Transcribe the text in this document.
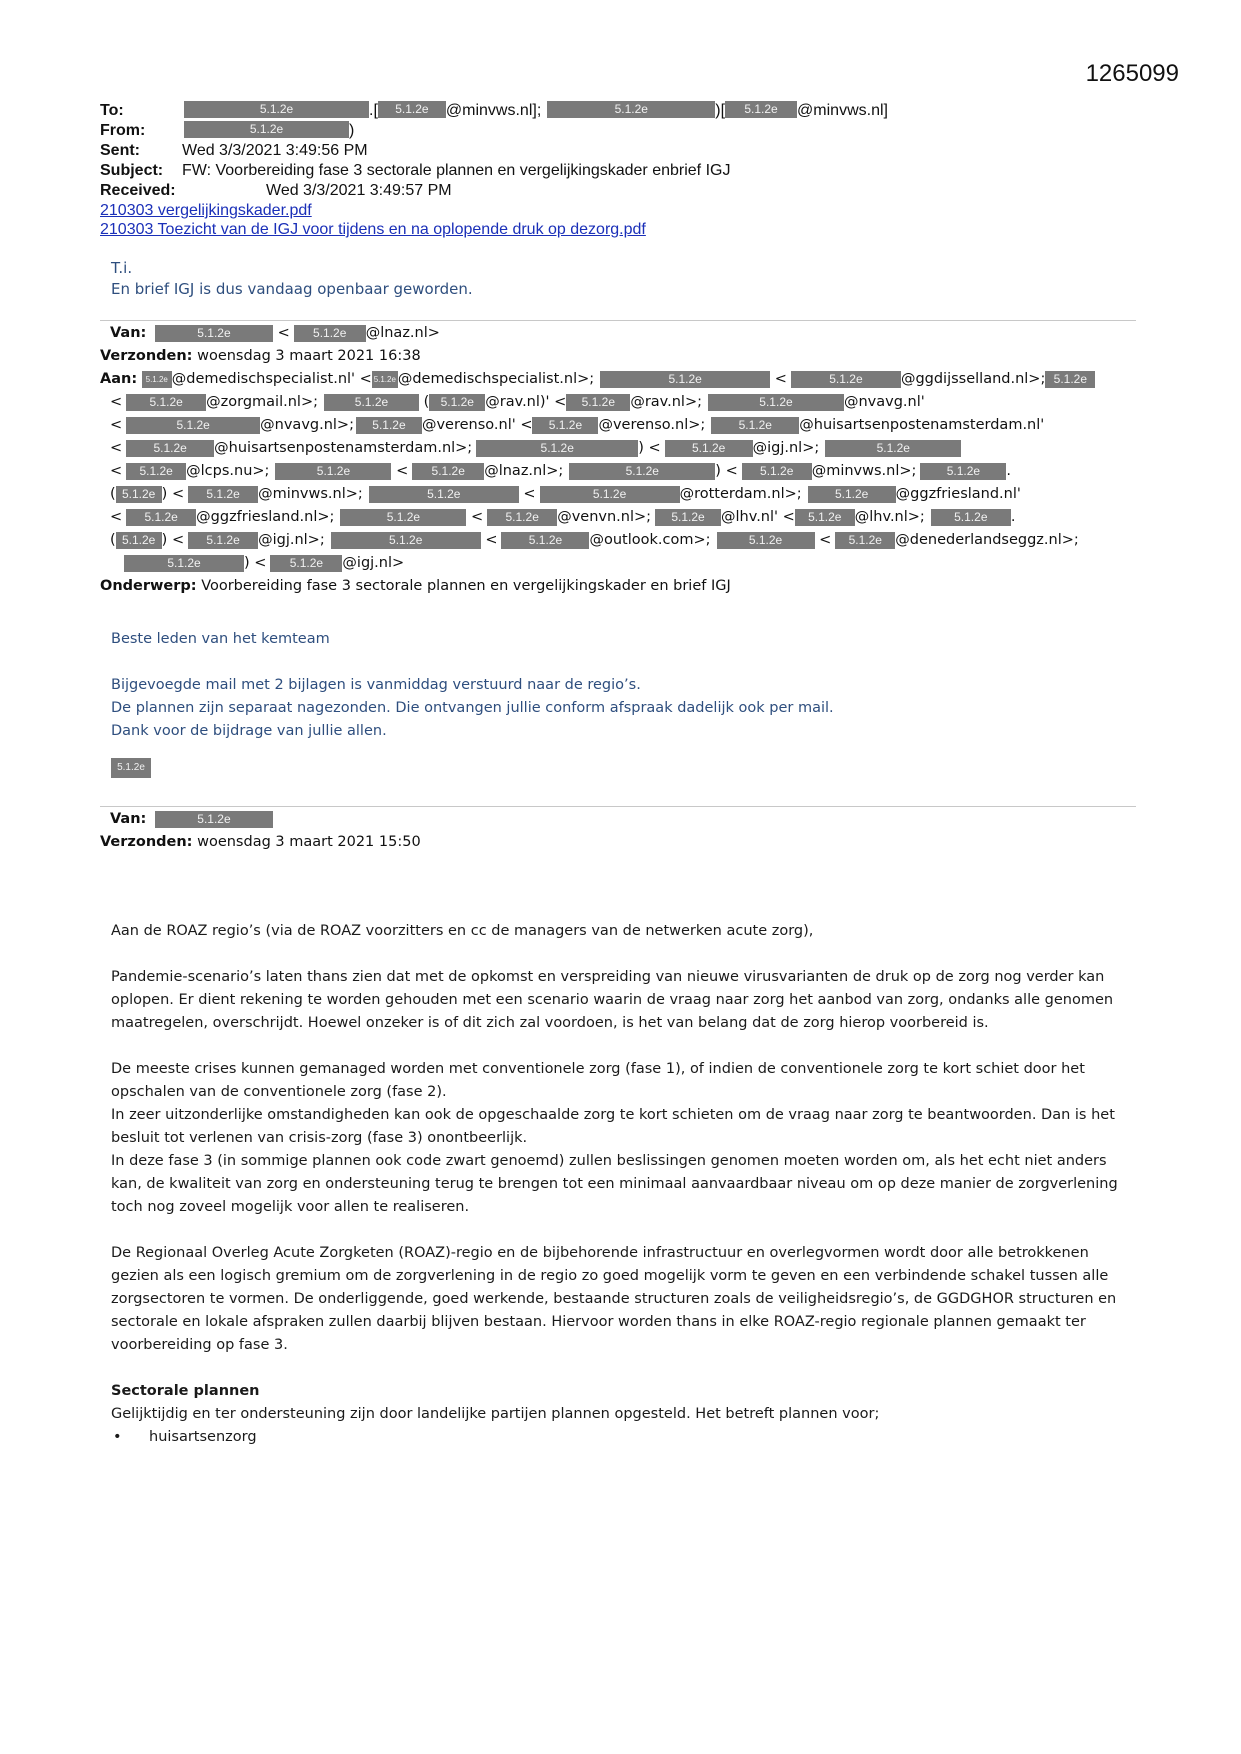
1265099
To:	5.1.2e	.[	5.1.2e	@minvws.nl];	5.1.2e	)[	5.1.2e	@minvws.nl]
From:	5.1.2e	)
Sent:	Wed 3/3/2021 3:49:56 PM
Subject:	FW: Voorbereiding fase 3 sectorale plannen en vergelijkingskader enbrief IGJ
Received:	Wed 3/3/2021 3:49:57 PM
210303 vergelijkingskader.pdf
210303 Toezicht van de IGJ voor tijdens en na oplopende druk op dezorg.pdf
T.i.
En brief IGJ is dus vandaag openbaar geworden.
Van:	5.1.2e	< 5.1.2e @lnaz.nl>
Verzonden: woensdag 3 maart 2021 16:38
Aan: 5.1.2e @demedischspecialist.nl' < 5.1.2e @demedischspecialist.nl>;	5.1.2e	<	5.1.2e	@ggdijsselland.nl>; 5.1.2e
< 5.1.2e @zorgmail.nl>;	5.1.2e ( 5.1.2e @rav.nl)' < 5.1.2e @rav.nl>;	5.1.2e	@nvavg.nl'
<	5.1.2e	@nvavg.nl>; 5.1.2e @verenso.nl' < 5.1.2e @verenso.nl>;	5.1.2e @huisartsenpostenamsterdam.nl'
<	5.1.2e @huisartsenpostenamsterdam.nl>;	5.1.2e	) <	5.1.2e @igj.nl>;	5.1.2e
< 5.1.2e @lcps.nu>;	5.1.2e	< 5.1.2e @lnaz.nl>;	5.1.2e	) < 5.1.2e @minvws.nl>;	5.1.2e .
( 5.1.2e ) < 5.1.2e @minvws.nl>;	5.1.2e	<	5.1.2e	@rotterdam.nl>;	5.1.2e @ggzfriesland.nl'
< 5.1.2e @ggzfriesland.nl>;	5.1.2e	< 5.1.2e @venvn.nl>; 5.1.2e @lhv.nl' < 5.1.2e @lhv.nl>; 5.1.2e .
( 5.1.2e ) < 5.1.2e @igj.nl>;	5.1.2e	<	5.1.2e @outlook.com>;	5.1.2e	< 5.1.2e @denederlandseggz.nl>;
5.1.2e	) < 5.1.2e @igj.nl>
Onderwerp: Voorbereiding fase 3 sectorale plannen en vergelijkingskader en brief IGJ

Beste leden van het kemteam

Bijgevoegde mail met 2 bijlagen is vanmiddag verstuurd naar de regio’s.
De plannen zijn separaat nagezonden. Die ontvangen jullie conform afspraak dadelijk ook per mail.
Dank voor de bijdrage van jullie allen.
5.1.2e
Van:	5.1.2e
Verzonden: woensdag 3 maart 2021 15:50

Aan de ROAZ regio’s (via de ROAZ voorzitters en cc de managers van de netwerken acute zorg),

Pandemie-scenario’s laten thans zien dat met de opkomst en verspreiding van nieuwe virusvarianten de druk op de zorg nog verder kan oplopen. Er dient rekening te worden gehouden met een scenario waarin de vraag naar zorg het aanbod van zorg, ondanks alle genomen maatregelen, overschrijdt. Hoewel onzeker is of dit zich zal voordoen, is het van belang dat de zorg hierop voorbereid is.

De meeste crises kunnen gemanaged worden met conventionele zorg (fase 1), of indien de conventionele zorg te kort schiet door het opschalen van de conventionele zorg (fase 2).
In zeer uitzonderlijke omstandigheden kan ook de opgeschaalde zorg te kort schieten om de vraag naar zorg te beantwoorden. Dan is het besluit tot verlenen van crisis-zorg (fase 3) onontbeerlijk.

In deze fase 3 (in sommige plannen ook code zwart genoemd) zullen beslissingen genomen moeten worden om, als het echt niet anders kan, de kwaliteit van zorg en ondersteuning terug te brengen tot een minimaal aanvaardbaar niveau om op deze manier de zorgverlening toch nog zoveel mogelijk voor allen te realiseren.

De Regionaal Overleg Acute Zorgketen (ROAZ)-regio en de bijbehorende infrastructuur en overlegvormen wordt door alle betrokkenen gezien als een logisch gremium om de zorgverlening in de regio zo goed mogelijk vorm te geven en een verbindende schakel tussen alle zorgsectoren te vormen. De onderliggende, goed werkende, bestaande structuren zoals de veiligheidsregio’s, de GGDGHOR structuren en sectorale en lokale afspraken zullen daarbij blijven bestaan. Hiervoor worden thans in elke ROAZ-regio regionale plannen gemaakt ter voorbereiding op fase 3.

Sectorale plannen
Gelijktijdig en ter ondersteuning zijn door landelijke partijen plannen opgesteld. Het betreft plannen voor;
• huisartsenzorg
